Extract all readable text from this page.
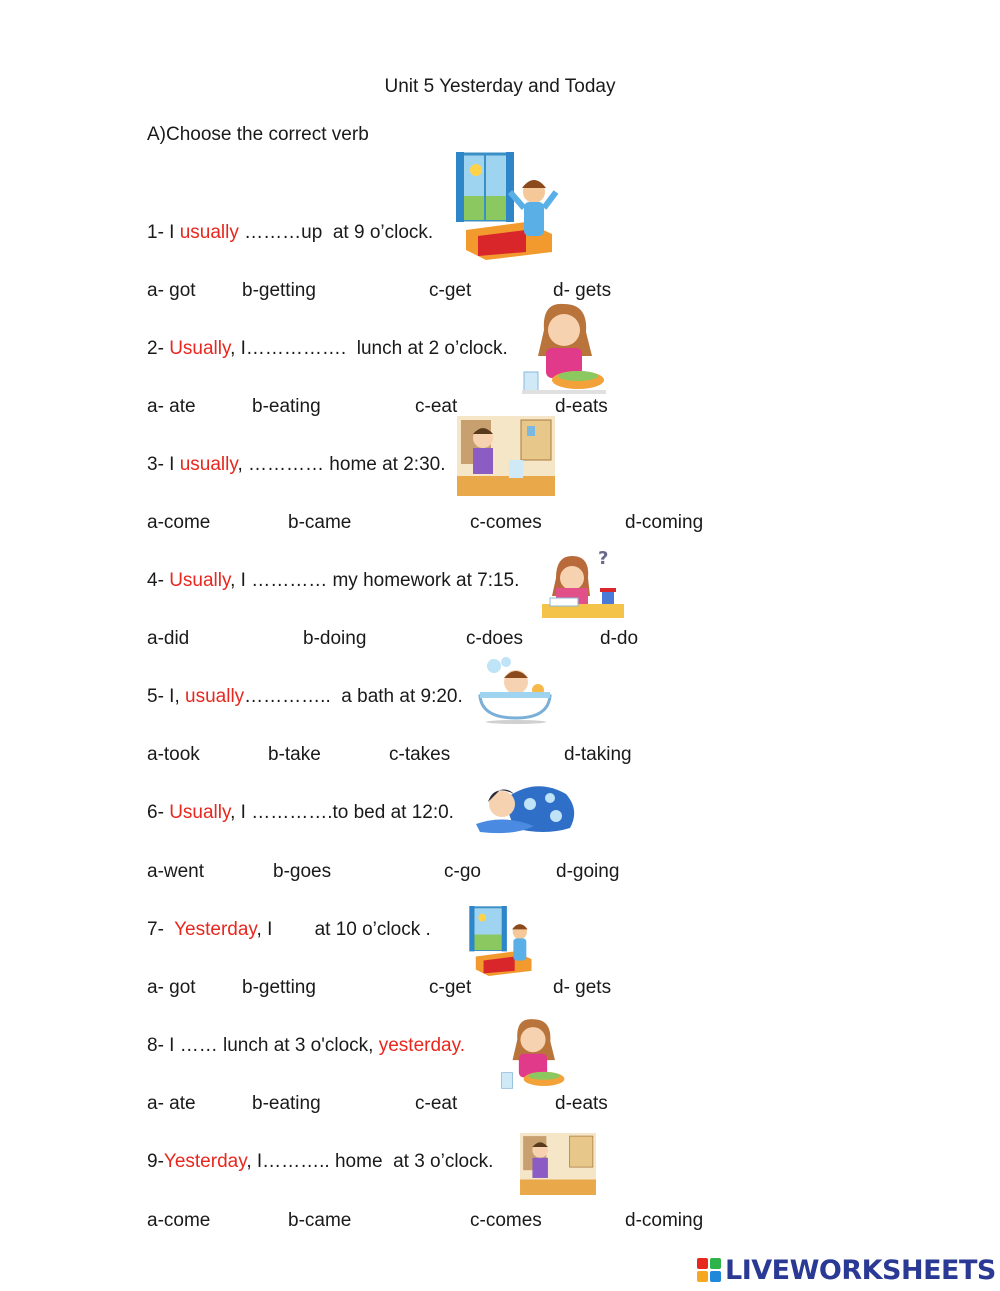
Unit 5 Yesterday and Today
A)Choose the correct verb
1- I usually ………up  at 9 o’clock.
a- got b-getting	c-get	d- gets
2- Usually, I…………….  lunch at 2 o’clock.
a- ate	b-eating	c-eat	d-eats
3- I usually, ………… home at 2:30.
a-come	b-came	c-comes	d-coming
4- Usually, I ………… my homework at 7:15.
?
a-did	b-doing	c-does	d-do
5- I, usually…………..  a bath at 9:20.
a-took	b-take	c-takes	d-taking
6- Usually, I ………….to bed at 12:0.
a-went	b-goes	c-go	d-going
7-  Yesterday, I        at 10 o’clock .
a- got b-getting	c-get	d- gets
8- I …… lunch at 3 o'clock, yesterday.
a- ate	b-eating	c-eat	d-eats
9-Yesterday, I……….. home  at 3 o’clock.
a-come	b-came	c-comes	d-coming
LIVEWORKSHEETS
